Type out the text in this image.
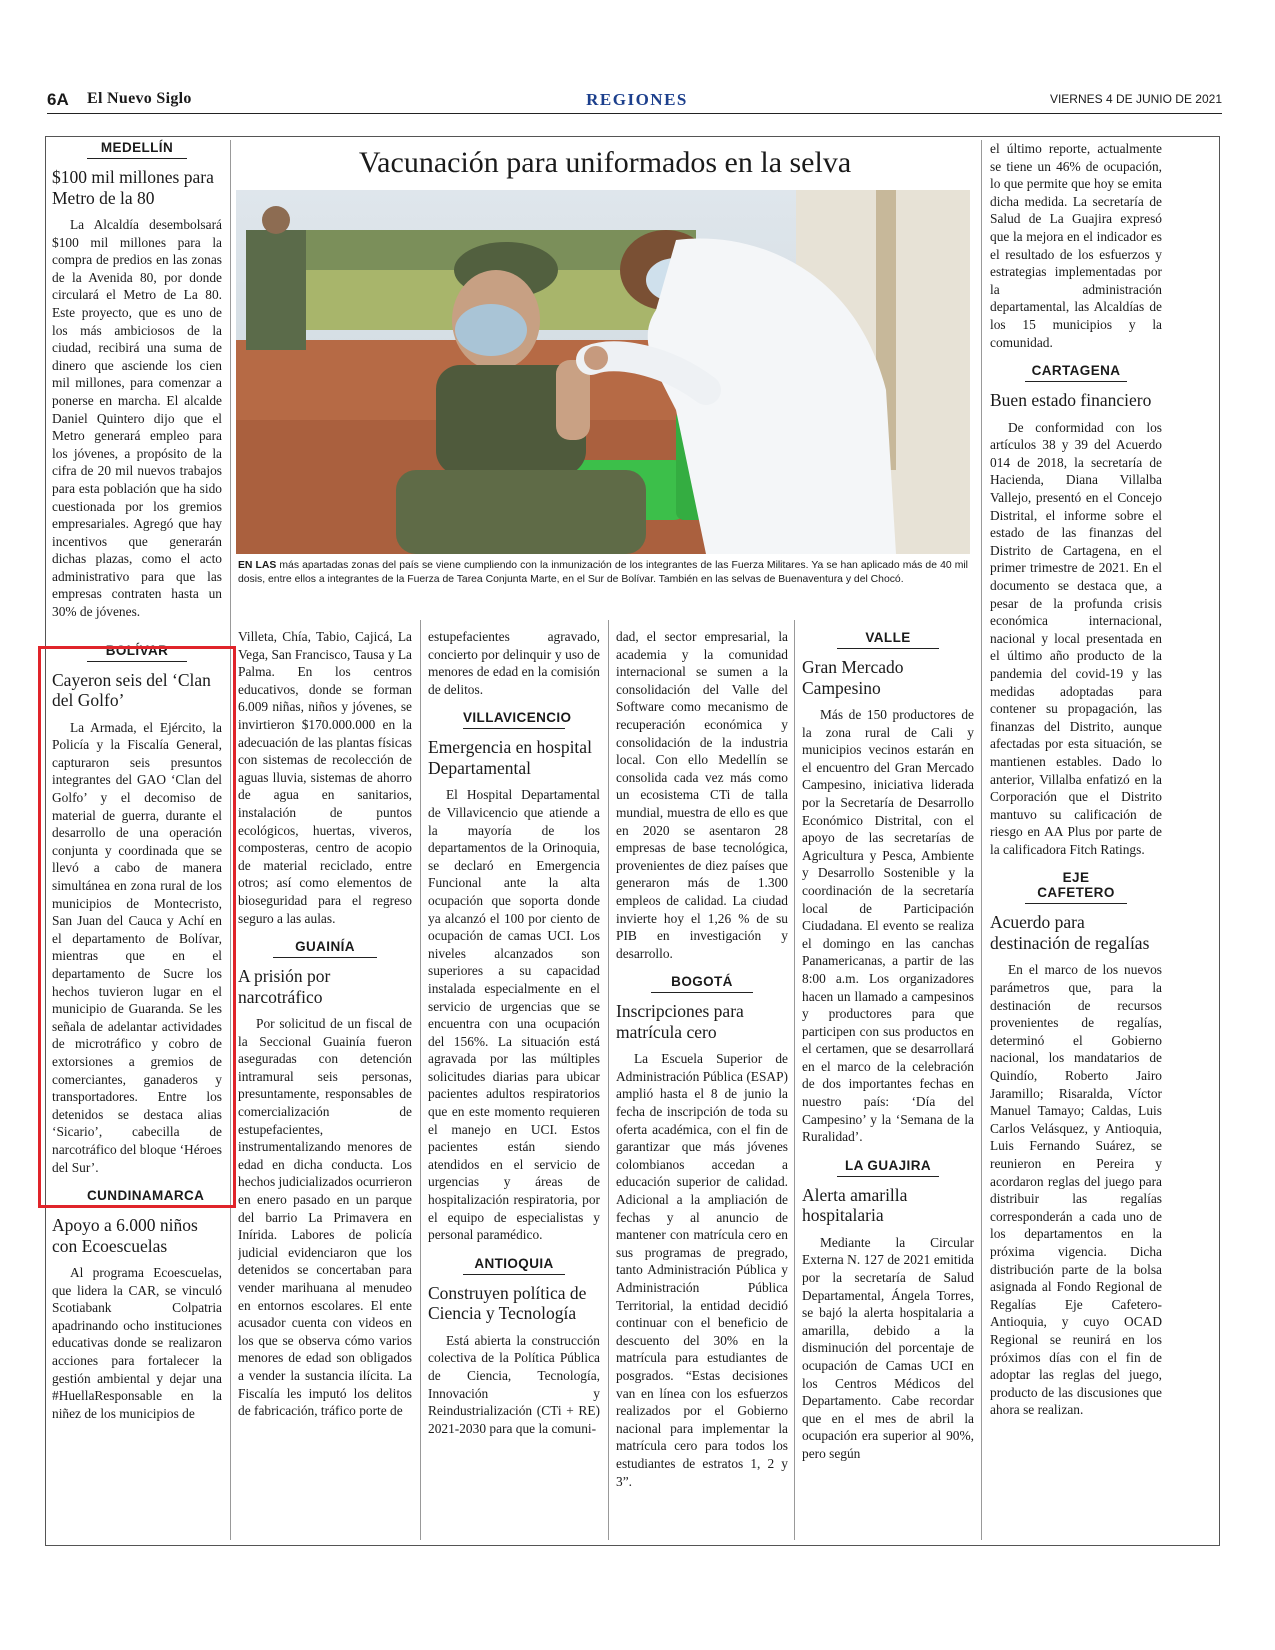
6A El Nuevo Siglo	REGIONES	VIERNES 4 DE JUNIO DE 2021
MEDELLÍN
$100 mil millones para Metro de la 80

La Alcaldía desembolsará $100 mil millones para la compra de predios en las zonas de la Avenida 80, por donde circulará el Metro de La 80. Este proyecto, que es uno de los más ambiciosos de la ciudad, recibirá una suma de dinero que asciende los cien mil millones, para comenzar a ponerse en marcha. El alcalde Daniel Quintero dijo que el Metro generará empleo para los jóvenes, a propósito de la cifra de 20 mil nuevos trabajos para esta población que ha sido cuestionada por los gremios empresariales. Agregó que hay incentivos que generarán dichas plazas, como el acto administrativo para que las empresas contraten hasta un 30% de jóvenes.

BOLÍVAR
Cayeron seis del ‘Clan del Golfo’

La Armada, el Ejército, la Policía y la Fiscalía General, capturaron seis presuntos integrantes del GAO ‘Clan del Golfo’ y el decomiso de material de guerra, durante el desarrollo de una operación conjunta y coordinada que se llevó a cabo de manera simultánea en zona rural de los municipios de Montecristo, San Juan del Cauca y Achí en el departamento de Bolívar, mientras que en el departamento de Sucre los hechos tuvieron lugar en el municipio de Guaranda. Se les señala de adelantar actividades de microtráfico y cobro de extorsiones a gremios de comerciantes, ganaderos y transportadores. Entre los detenidos se destaca alias ‘Sicario’, cabecilla de narcotráfico del bloque ‘Héroes del Sur’.

CUNDINAMARCA
Apoyo a 6.000 niños con Ecoescuelas

Al programa Ecoescuelas, que lidera la CAR, se vinculó Scotiabank Colpatria apadrinando ocho instituciones educativas donde se realizaron acciones para fortalecer la gestión ambiental y dejar una #HuellaResponsable en la niñez de los municipios de

Vacunación para uniformados en la selva
EN LAS más apartadas zonas del país se viene cumpliendo con la inmunización de los integrantes de las Fuerza Militares. Ya se han aplicado más de 40 mil dosis, entre ellos a integrantes de la Fuerza de Tarea Conjunta Marte, en el Sur de Bolívar. También en las selvas de Buenaventura y del Chocó.

Villeta, Chía, Tabio, Cajicá, La Vega, San Francisco, Tausa y La Palma. En los centros educativos, donde se forman 6.009 niñas, niños y jóvenes, se invirtieron $170.000.000 en la adecuación de las plantas físicas con sistemas de recolección de aguas lluvia, sistemas de ahorro de agua en sanitarios, instalación de puntos ecológicos, huertas, viveros, composteras, centro de acopio de material reciclado, entre otros; así como elementos de bioseguridad para el regreso seguro a las aulas.

GUAINÍA
A prisión por narcotráfico

Por solicitud de un fiscal de la Seccional Guainía fueron aseguradas con detención intramural seis personas, presuntamente, responsables de comercialización de estupefacientes, instrumentalizando menores de edad en dicha conducta. Los hechos judicializados ocurrieron en enero pasado en un parque del barrio La Primavera en Inírida. Labores de policía judicial evidenciaron que los detenidos se concertaban para vender marihuana al menudeo en entornos escolares. El ente acusador cuenta con videos en los que se observa cómo varios menores de edad son obligados a vender la sustancia ilícita. La Fiscalía les imputó los delitos de fabricación, tráfico porte de

estupefacientes agravado, concierto por delinquir y uso de menores de edad en la comisión de delitos.

VILLAVICENCIO
Emergencia en hospital Departamental

El Hospital Departamental de Villavicencio que atiende a la mayoría de los departamentos de la Orinoquia, se declaró en Emergencia Funcional ante la alta ocupación que soporta donde ya alcanzó el 100 por ciento de ocupación de camas UCI. Los niveles alcanzados son superiores a su capacidad instalada especialmente en el servicio de urgencias que se encuentra con una ocupación del 156%. La situación está agravada por las múltiples solicitudes diarias para ubicar pacientes adultos respiratorios que en este momento requieren el manejo en UCI. Estos pacientes están siendo atendidos en el servicio de urgencias y áreas de hospitalización respiratoria, por el equipo de especialistas y personal paramédico.

ANTIOQUIA
Construyen política de Ciencia y Tecnología

Está abierta la construcción colectiva de la Política Pública de Ciencia, Tecnología, Innovación y Reindustrialización (CTi + RE) 2021-2030 para que la comuni-

dad, el sector empresarial, la academia y la comunidad internacional se sumen a la consolidación del Valle del Software como mecanismo de recuperación económica y consolidación de la industria local. Con ello Medellín se consolida cada vez más como un ecosistema CTi de talla mundial, muestra de ello es que en 2020 se asentaron 28 empresas de base tecnológica, provenientes de diez países que generaron más de 1.300 empleos de calidad. La ciudad invierte hoy el 1,26 % de su PIB en investigación y desarrollo.

BOGOTÁ
Inscripciones para matrícula cero

La Escuela Superior de Administración Pública (ESAP) amplió hasta el 8 de junio la fecha de inscripción de toda su oferta académica, con el fin de garantizar que más jóvenes colombianos accedan a educación superior de calidad. Adicional a la ampliación de fechas y al anuncio de mantener con matrícula cero en sus programas de pregrado, tanto Administración Pública y Administración Pública Territorial, la entidad decidió continuar con el beneficio de descuento del 30% en la matrícula para estudiantes de posgrados. “Estas decisiones van en línea con los esfuerzos realizados por el Gobierno nacional para implementar la matrícula cero para todos los estudiantes de estratos 1, 2 y 3”.

VALLE
Gran Mercado Campesino

Más de 150 productores de la zona rural de Cali y municipios vecinos estarán en el encuentro del Gran Mercado Campesino, iniciativa liderada por la Secretaría de Desarrollo Económico Distrital, con el apoyo de las secretarías de Agricultura y Pesca, Ambiente y Desarrollo Sostenible y la coordinación de la secretaría local de Participación Ciudadana. El evento se realiza el domingo en las canchas Panamericanas, a partir de las 8:00 a.m. Los organizadores hacen un llamado a campesinos y productores para que participen con sus productos en el certamen, que se desarrollará en el marco de la celebración de dos importantes fechas en nuestro país: ‘Día del Campesino’ y la ‘Semana de la Ruralidad’.

LA GUAJIRA
Alerta amarilla hospitalaria

Mediante la Circular Externa N. 127 de 2021 emitida por la secretaría de Salud Departamental, Ángela Torres, se bajó la alerta hospitalaria a amarilla, debido a la disminución del porcentaje de ocupación de Camas UCI en los Centros Médicos del Departamento. Cabe recordar que en el mes de abril la ocupación era superior al 90%, pero según

el último reporte, actualmente se tiene un 46% de ocupación, lo que permite que hoy se emita dicha medida. La secretaría de Salud de La Guajira expresó que la mejora en el indicador es el resultado de los esfuerzos y estrategias implementadas por la administración departamental, las Alcaldías de los 15 municipios y la comunidad.

CARTAGENA
Buen estado financiero

De conformidad con los artículos 38 y 39 del Acuerdo 014 de 2018, la secretaría de Hacienda, Diana Villalba Vallejo, presentó en el Concejo Distrital, el informe sobre el estado de las finanzas del Distrito de Cartagena, en el primer trimestre de 2021. En el documento se destaca que, a pesar de la profunda crisis económica internacional, nacional y local presentada en el último año producto de la pandemia del covid-19 y las medidas adoptadas para contener su propagación, las finanzas del Distrito, aunque afectadas por esta situación, se mantienen estables. Dado lo anterior, Villalba enfatizó en la Corporación que el Distrito mantuvo su calificación de riesgo en AA Plus por parte de la calificadora Fitch Ratings.

EJE CAFETERO
Acuerdo para destinación de regalías

En el marco de los nuevos parámetros que, para la destinación de recursos provenientes de regalías, determinó el Gobierno nacional, los mandatarios de Quindío, Roberto Jairo Jaramillo; Risaralda, Víctor Manuel Tamayo; Caldas, Luis Carlos Velásquez, y Antioquia, Luis Fernando Suárez, se reunieron en Pereira y acordaron reglas del juego para distribuir las regalías corresponderán a cada uno de los departamentos en la próxima vigencia. Dicha distribución parte de la bolsa asignada al Fondo Regional de Regalías Eje Cafetero-Antioquia, y cuyo OCAD Regional se reunirá en los próximos días con el fin de adoptar las reglas del juego, producto de las discusiones que ahora se realizan.
